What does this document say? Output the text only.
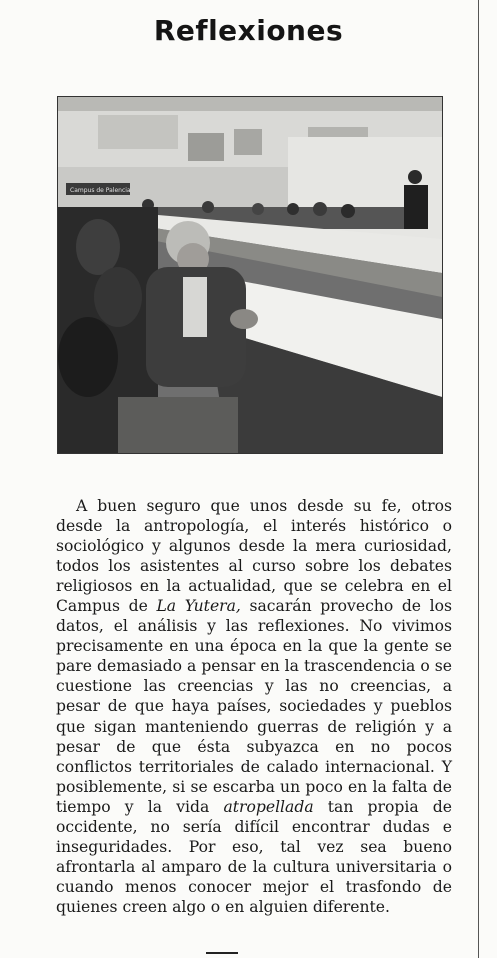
Reflexiones
Campus de Palencia

A buen seguro que unos desde su fe, otros desde la antropología, el interés histórico o sociológico y algunos desde la mera curiosidad, todos los asistentes al curso sobre los debates religiosos en la actualidad, que se celebra en el Campus de La Yutera, sacarán provecho de los datos, el análisis y las reflexiones. No vivimos precisamente en una época en la que la gente se pare demasiado a pensar en la trascendencia o se cuestione las creencias y las no creencias, a pesar de que haya países, sociedades y pueblos que sigan manteniendo guerras de religión y a pesar de que ésta subyazca en no pocos conflictos territoriales de calado internacional. Y posiblemente, si se escarba un poco en la falta de tiempo y la vida atropellada tan propia de occidente, no sería difícil encontrar dudas e inseguridades. Por eso, tal vez sea bueno afrontarla al amparo de la cultura universitaria o cuando menos conocer mejor el trasfondo de quienes creen algo o en alguien diferente.
